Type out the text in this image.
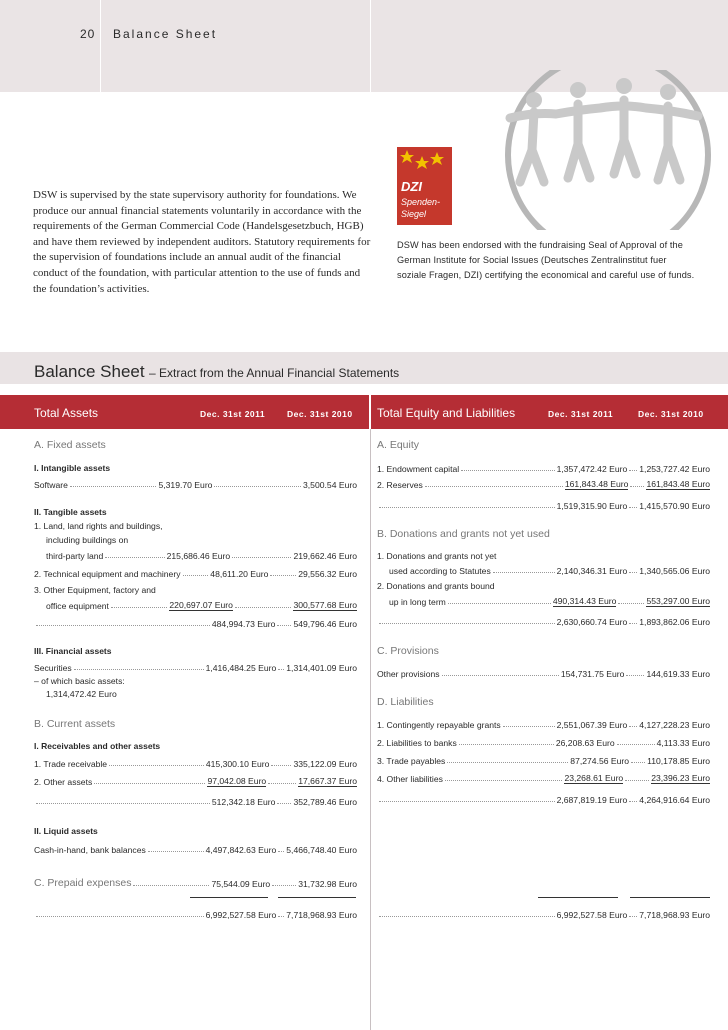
20 Balance Sheet
DSW is supervised by the state supervisory authority for foundations. We produce our annual financial statements voluntarily in accordance with the requirements of the German Commercial Code (Handelsgesetzbuch, HGB) and have them reviewed by independent auditors. Statutory requirements for the supervision of foundations include an annual audit of the financial conduct of the foundation, with particular attention to the use of funds and the foundation’s activities.
DZI
Spenden-
Siegel
DSW has been endorsed with the fundraising Seal of Approval of the German Institute for Social Issues (Deutsches Zentralinstitut fuer soziale Fragen, DZI) certifying the economical and careful use of funds.
Balance Sheet – Extract from the Annual Financial Statements
Total Assets	Dec. 31st 2011	Dec. 31st 2010 Total Equity and Liabilities	Dec. 31st 2011	Dec. 31st 2010
A. Fixed assets
I. Intangible assets
Software	5,319.70 Euro	3,500.54 Euro
II. Tangible assets
1. Land, land rights and buildings,
including buildings on
third-party land	215,686.46 Euro	219,662.46 Euro
2. Technical equipment and machinery	48,611.20 Euro	29,556.32 Euro
3. Other Equipment, factory and
office equipment	220,697.07 Euro	300,577.68 Euro
484,994.73 Euro 549,796.46 Euro
III. Financial assets
Securities	1,416,484.25 Euro 1,314,401.09 Euro
– of which basic assets:
1,314,472.42 Euro
B. Current assets
I. Receivables and other assets
1. Trade receivable	415,300.10 Euro	335,122.09 Euro
2. Other assets	97,042.08 Euro	17,667.37 Euro
512,342.18 Euro 352,789.46 Euro
II. Liquid assets
Cash-in-hand, bank balances	4,497,842.63 Euro 5,466,748.40 Euro
C. Prepaid expenses	75,544.09 Euro	31,732.98 Euro
6,992,527.58 Euro 7,718,968.93 Euro
A. Equity
1. Endowment capital	1,357,472.42 Euro 1,253,727.42 Euro
2. Reserves	161,843.48 Euro 161,843.48 Euro
1,519,315.90 Euro 1,415,570.90 Euro
B. Donations and grants not yet used
1. Donations and grants not yet
used according to Statutes	2,140,346.31 Euro 1,340,565.06 Euro
2. Donations and grants bound
up in long term	490,314.43 Euro	553,297.00 Euro
2,630,660.74 Euro 1,893,862.06 Euro
C. Provisions
Other provisions	154,731.75 Euro	144,619.33 Euro
D. Liabilities
1. Contingently repayable grants	2,551,067.39 Euro 4,127,228.23 Euro
2. Liabilities to banks	26,208.63 Euro	4,113.33 Euro
3. Trade payables	87,274.56 Euro 110,178.85 Euro
4. Other liabilities	23,268.61 Euro	23,396.23 Euro
2,687,819.19 Euro 4,264,916.64 Euro
6,992,527.58 Euro 7,718,968.93 Euro
